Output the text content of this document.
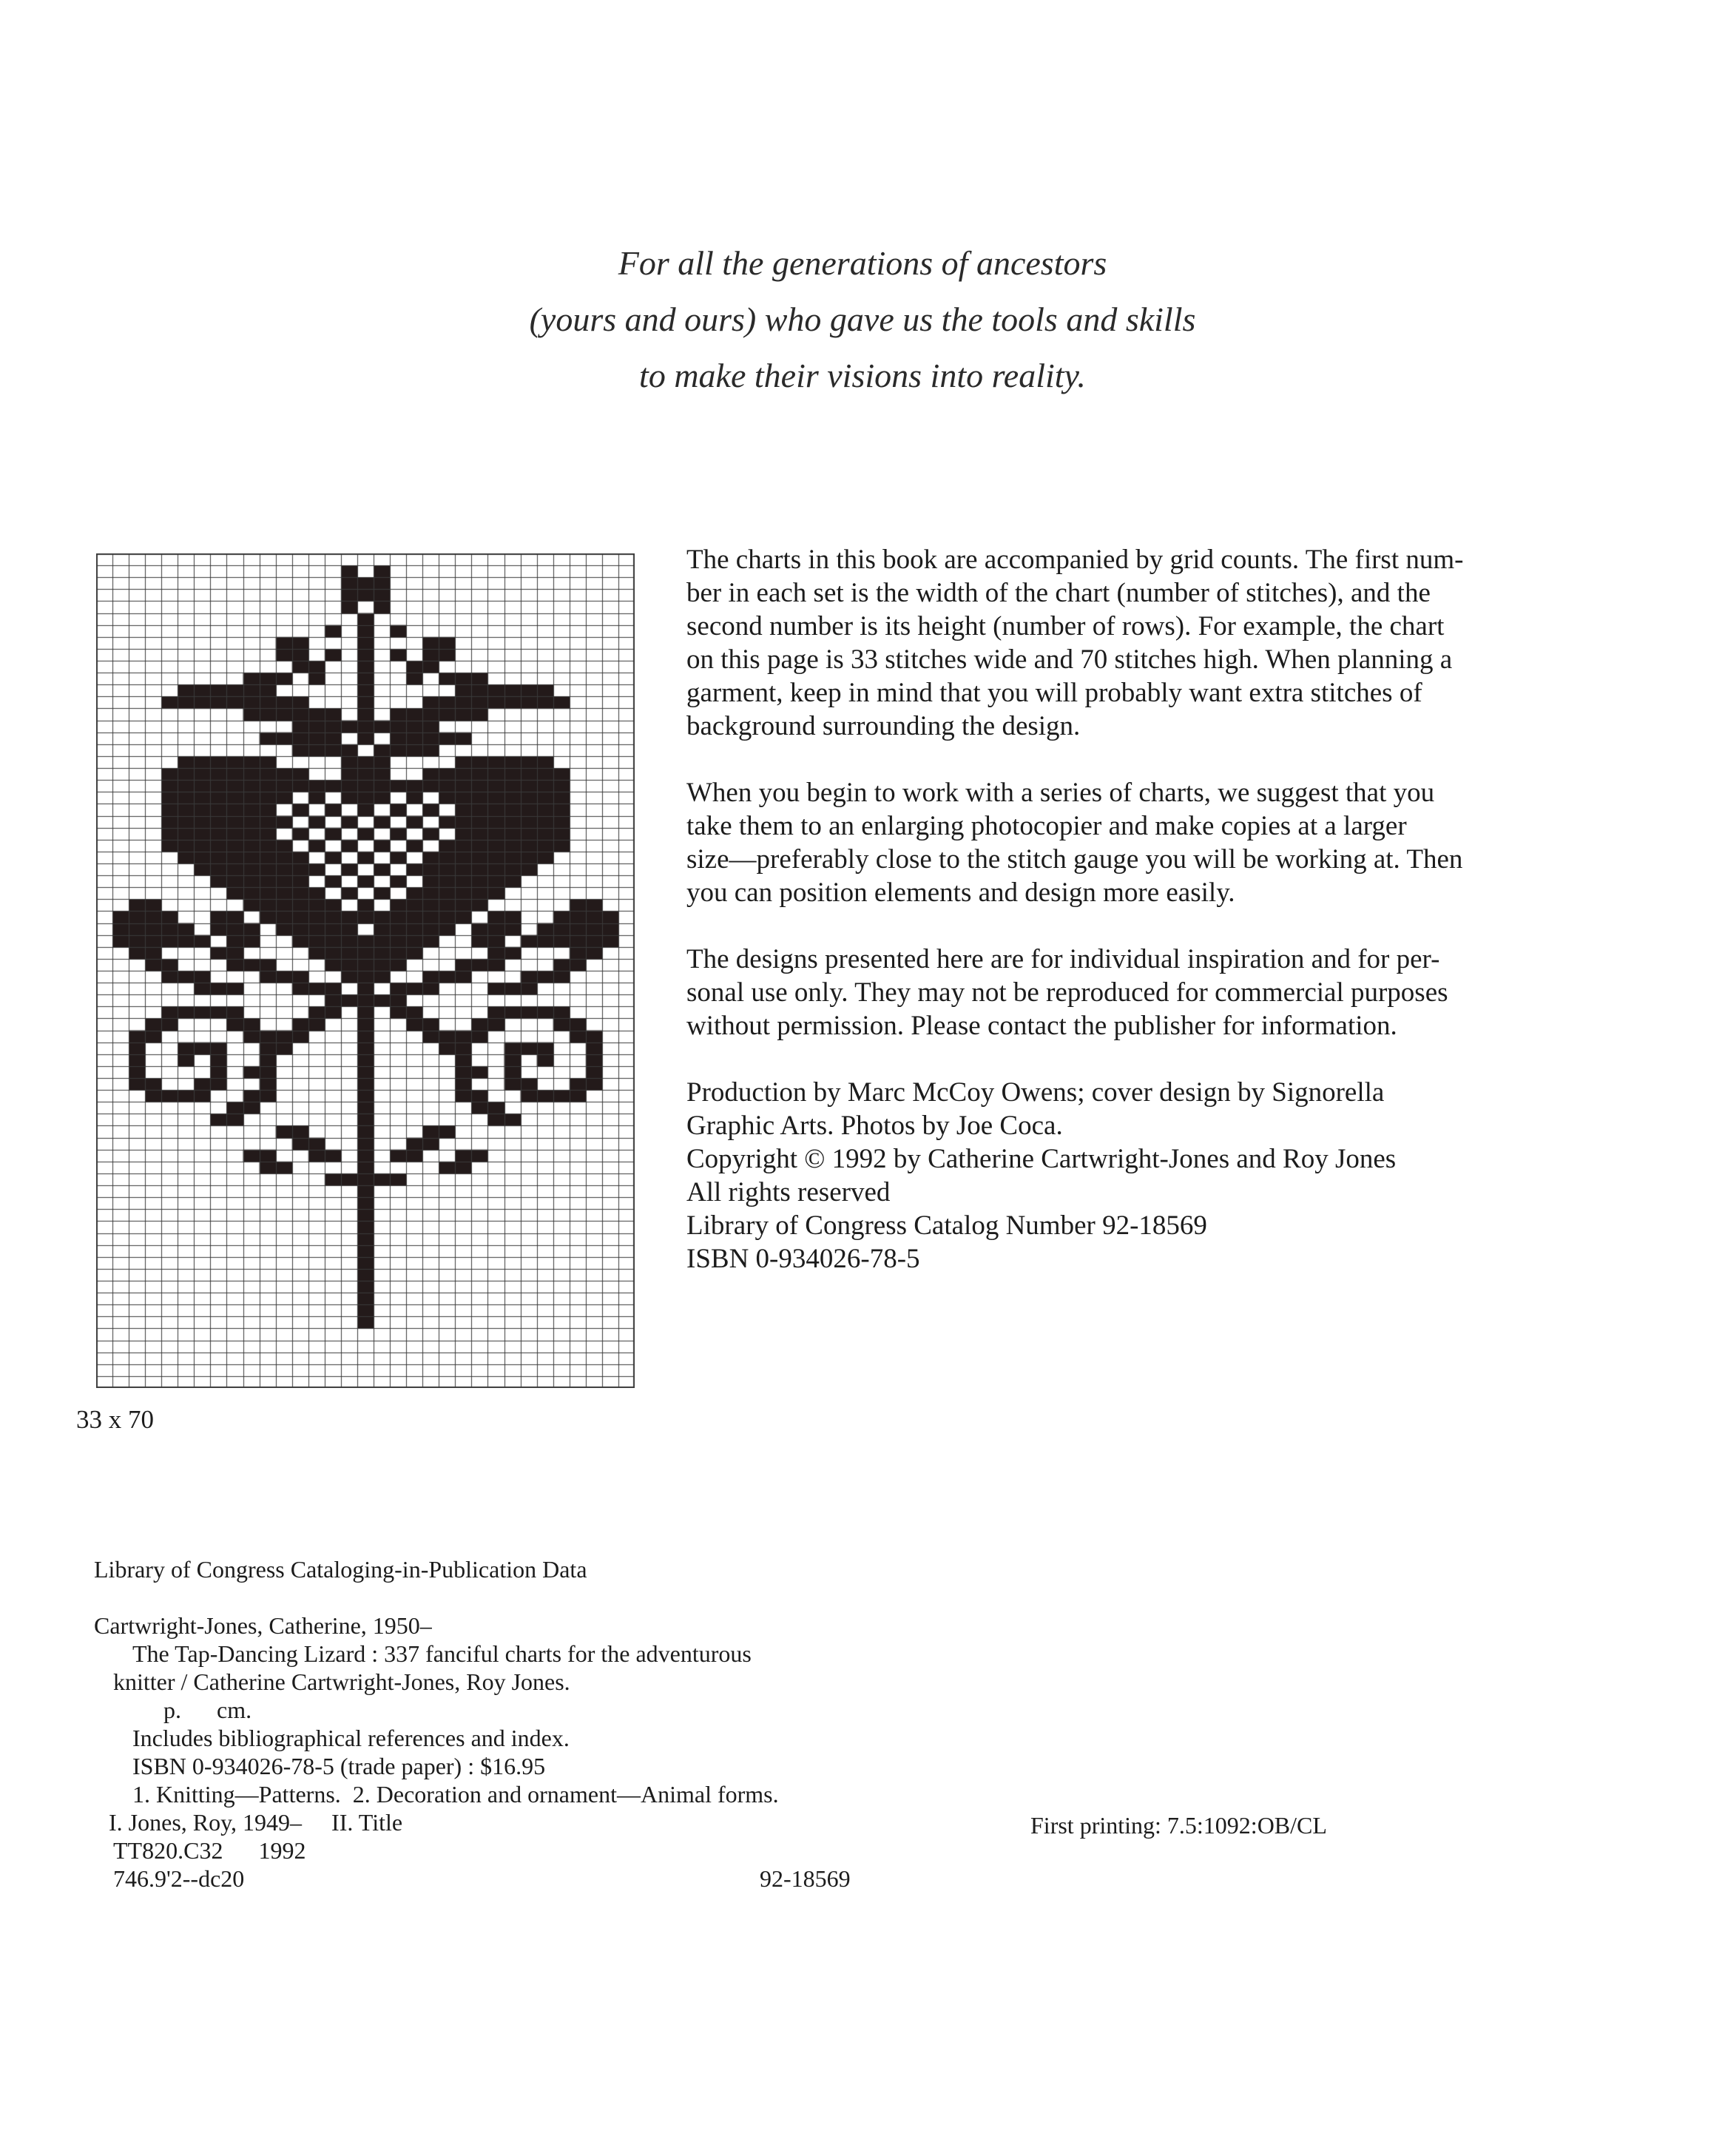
For all the generations of ancestors
(yours and ours) who gave us the tools and skills
to make their visions into reality.
33 x 70

The charts in this book are accompanied by grid counts. The first num-
ber in each set is the width of the chart (number of stitches), and the
second number is its height (number of rows). For example, the chart
on this page is 33 stitches wide and 70 stitches high. When planning a
garment, keep in mind that you will probably want extra stitches of
background surrounding the design.

When you begin to work with a series of charts, we suggest that you
take them to an enlarging photocopier and make copies at a larger
size—preferably close to the stitch gauge you will be working at. Then
you can position elements and design more easily.

The designs presented here are for individual inspiration and for per-
sonal use only. They may not be reproduced for commercial purposes
without permission. Please contact the publisher for information.

Production by Marc McCoy Owens; cover design by Signorella
Graphic Arts. Photos by Joe Coca.
Copyright © 1992 by Catherine Cartwright-Jones and Roy Jones
All rights reserved
Library of Congress Catalog Number 92-18569
ISBN 0-934026-78-5
Library of Congress Cataloging-in-Publication Data
Cartwright-Jones, Catherine, 1950–
The Tap-Dancing Lizard : 337 fanciful charts for the adventurous
knitter / Catherine Cartwright-Jones, Roy Jones.
p.      cm.
Includes bibliographical references and index.
ISBN 0-934026-78-5 (trade paper) : $16.95
1. Knitting—Patterns.  2. Decoration and ornament—Animal forms.
I. Jones, Roy, 1949–     II. Title
TT820.C32      1992
746.9'2--dc20	92-18569
First printing: 7.5:1092:OB/CL
